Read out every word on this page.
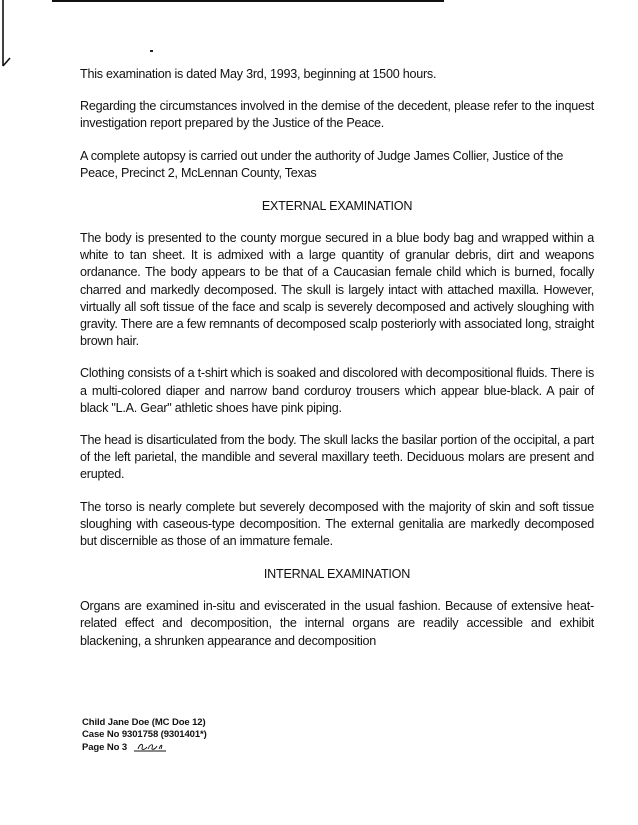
This examination is dated May 3rd, 1993, beginning at 1500 hours.

Regarding the circumstances involved in the demise of the decedent, please refer to the inquest investigation report prepared by the Justice of the Peace.

A complete autopsy is carried out under the authority of Judge James Collier, Justice of the Peace, Precinct 2, McLennan County, Texas

EXTERNAL EXAMINATION

The body is presented to the county morgue secured in a blue body bag and wrapped within a white to tan sheet. It is admixed with a large quantity of granular debris, dirt and weapons ordanance. The body appears to be that of a Caucasian female child which is burned, focally charred and markedly decomposed. The skull is largely intact with attached maxilla. However, virtually all soft tissue of the face and scalp is severely decomposed and actively sloughing with gravity. There are a few remnants of decomposed scalp posteriorly with associated long, straight brown hair.

Clothing consists of a t-shirt which is soaked and discolored with decompositional fluids. There is a multi-colored diaper and narrow band corduroy trousers which appear blue-black. A pair of black "L.A. Gear" athletic shoes have pink piping.

The head is disarticulated from the body. The skull lacks the basilar portion of the occipital, a part of the left parietal, the mandible and several maxillary teeth. Deciduous molars are present and erupted.

The torso is nearly complete but severely decomposed with the majority of skin and soft tissue sloughing with caseous-type decomposition. The external genitalia are markedly decomposed but discernible as those of an immature female.

INTERNAL EXAMINATION

Organs are examined in-situ and eviscerated in the usual fashion. Because of extensive heat-related effect and decomposition, the internal organs are readily accessible and exhibit blackening, a shrunken appearance and decomposition

Child Jane Doe (MC Doe 12)
Case No 9301758 (9301401*)
Page No 3
